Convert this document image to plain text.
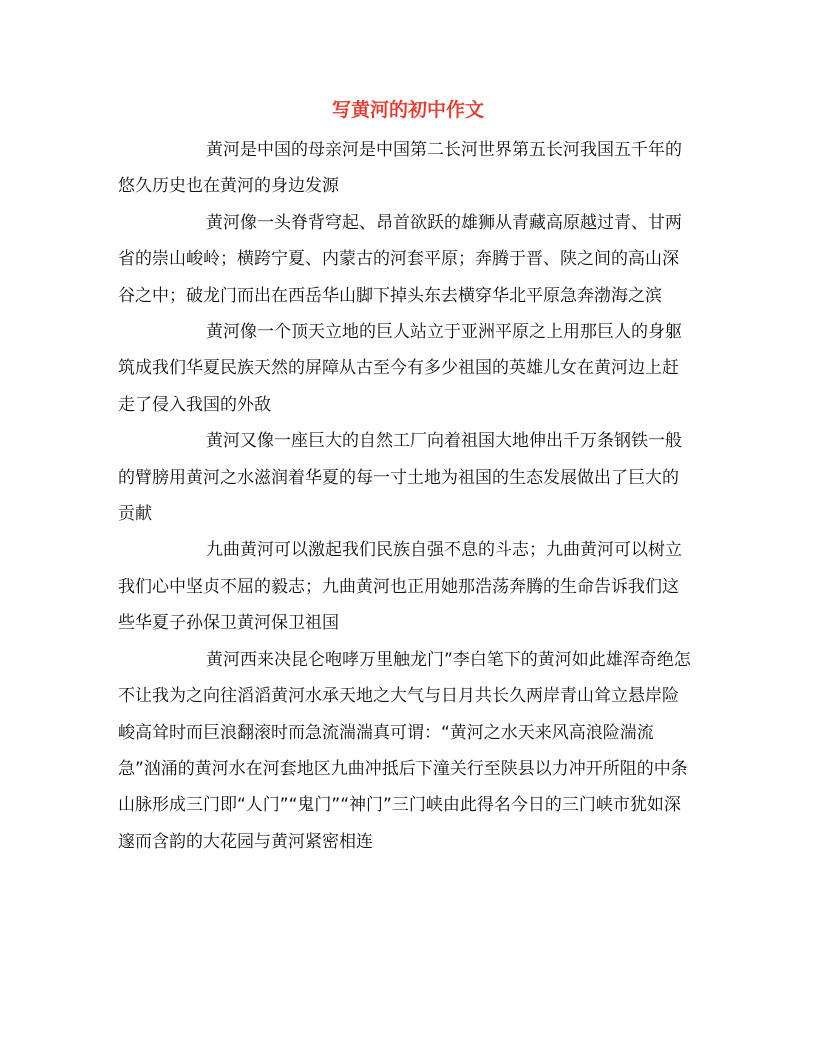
写黄河的初中作文

黄河是中国的母亲河是中国第二长河世界第五长河我国五千年的悠久历史也在黄河的身边发源

黄河像一头脊背穹起、昂首欲跃的雄狮从青藏高原越过青、甘两省的崇山峻岭；横跨宁夏、内蒙古的河套平原；奔腾于晋、陕之间的高山深谷之中；破龙门而出在西岳华山脚下掉头东去横穿华北平原急奔渤海之滨

黄河像一个顶天立地的巨人站立于亚洲平原之上用那巨人的身躯筑成我们华夏民族天然的屏障从古至今有多少祖国的英雄儿女在黄河边上赶走了侵入我国的外敌

黄河又像一座巨大的自然工厂向着祖国大地伸出千万条钢铁一般的臂膀用黄河之水滋润着华夏的每一寸土地为祖国的生态发展做出了巨大的贡献

九曲黄河可以激起我们民族自强不息的斗志；九曲黄河可以树立我们心中坚贞不屈的毅志；九曲黄河也正用她那浩荡奔腾的生命告诉我们这些华夏子孙保卫黄河保卫祖国

黄河西来决昆仑咆哮万里触龙门”李白笔下的黄河如此雄浑奇绝怎不让我为之向往滔滔黄河水承天地之大气与日月共长久两岸青山耸立悬岸险峻高耸时而巨浪翻滚时而急流湍湍真可谓：“黄河之水天来风高浪险湍流急”汹涌的黄河水在河套地区九曲冲抵后下潼关行至陕县以力冲开所阻的中条山脉形成三门即“人门”“鬼门”“神门”三门峡由此得名今日的三门峡市犹如深邃而含韵的大花园与黄河紧密相连
